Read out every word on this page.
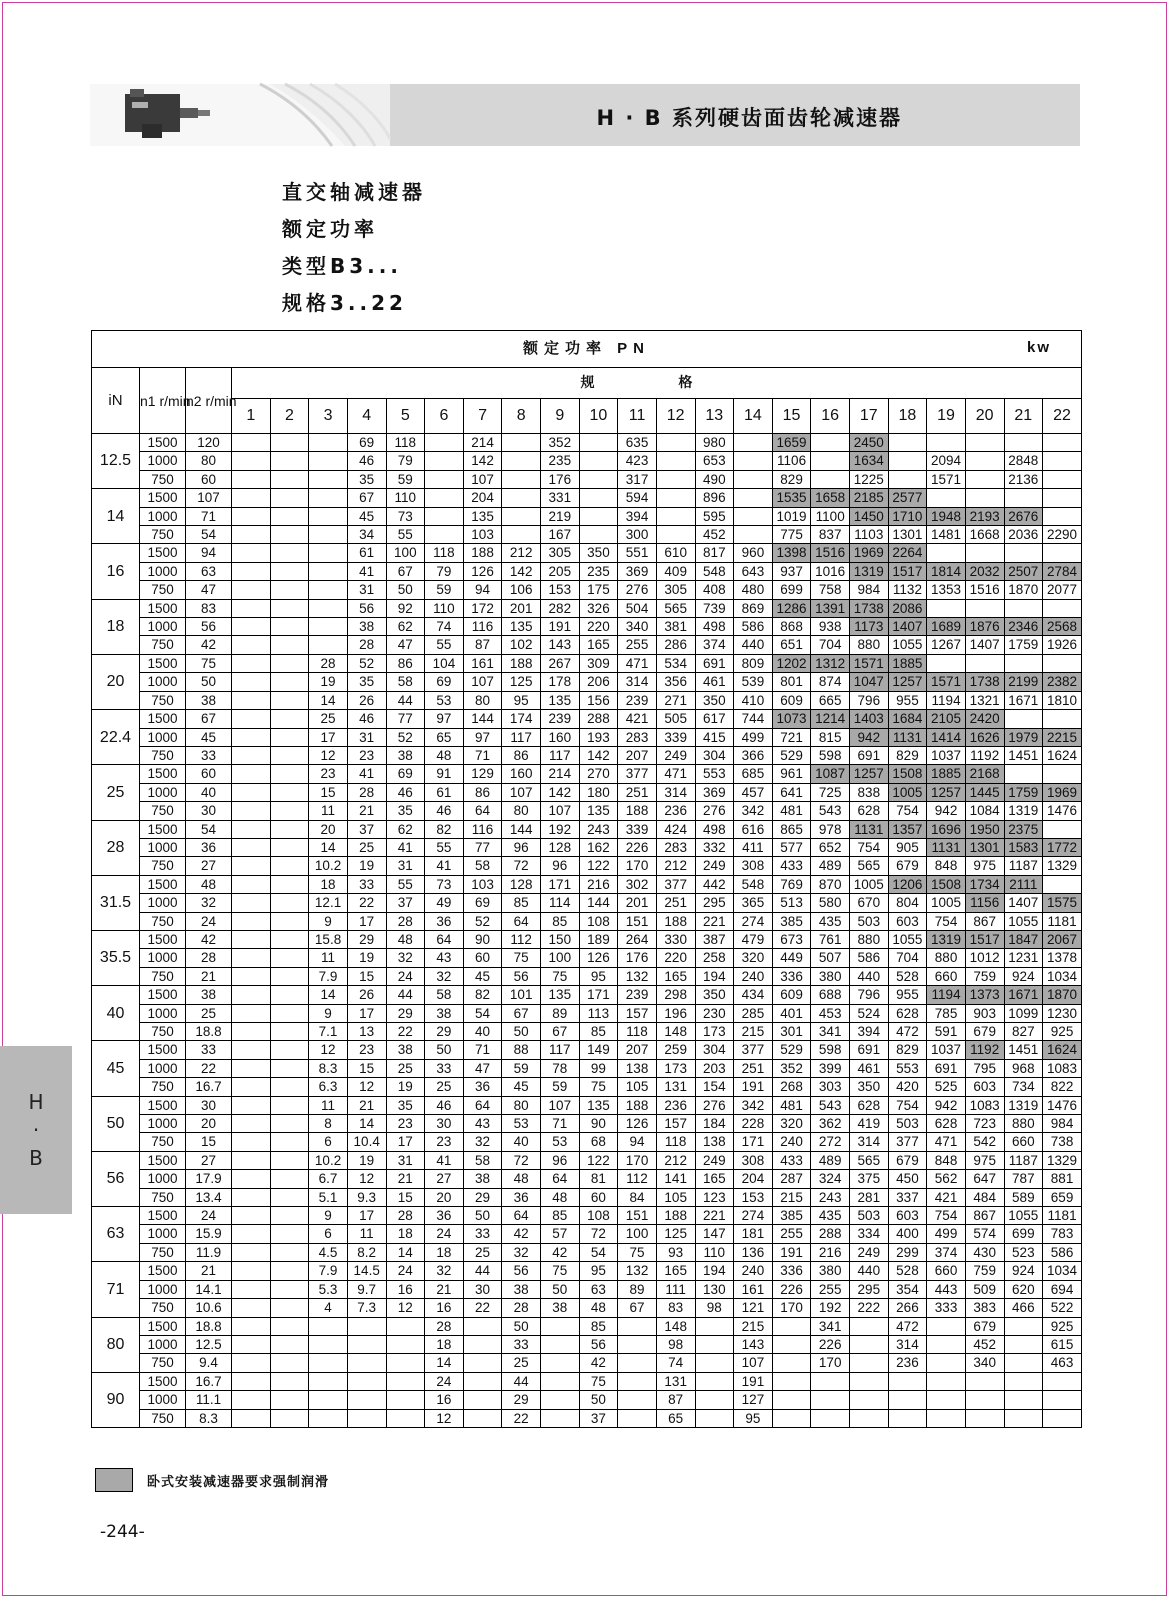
H · B 系列硬齿面齿轮减速器
直交轴减速器
额定功率
类型B3...
规格3..22
额定功率 PN kw																								

iN	n1 r/min	n2 r/min	规 格																					
			1	2	3	4	5	6	7	8	9	10	11	12	13	14	15	16	17	18	19	20	21	22
12.5	1500	120				69	118		214		352		635		980		1659		2450					
	1000	80				46	79		142		235		423		653		1106		1634		2094		2848	
	750	60				35	59		107		176		317		490		829		1225		1571		2136	
14	1500	107				67	110		204		331		594		896		1535	1658	2185	2577				
	1000	71				45	73		135		219		394		595		1019	1100	1450	1710	1948	2193	2676	
	750	54				34	55		103		167		300		452		775	837	1103	1301	1481	1668	2036	2290
16	1500	94				61	100	118	188	212	305	350	551	610	817	960	1398	1516	1969	2264				
	1000	63				41	67	79	126	142	205	235	369	409	548	643	937	1016	1319	1517	1814	2032	2507	2784
	750	47				31	50	59	94	106	153	175	276	305	408	480	699	758	984	1132	1353	1516	1870	2077
18	1500	83				56	92	110	172	201	282	326	504	565	739	869	1286	1391	1738	2086				
	1000	56				38	62	74	116	135	191	220	340	381	498	586	868	938	1173	1407	1689	1876	2346	2568
	750	42				28	47	55	87	102	143	165	255	286	374	440	651	704	880	1055	1267	1407	1759	1926
20	1500	75			28	52	86	104	161	188	267	309	471	534	691	809	1202	1312	1571	1885				
	1000	50			19	35	58	69	107	125	178	206	314	356	461	539	801	874	1047	1257	1571	1738	2199	2382
	750	38			14	26	44	53	80	95	135	156	239	271	350	410	609	665	796	955	1194	1321	1671	1810
22.4	1500	67			25	46	77	97	144	174	239	288	421	505	617	744	1073	1214	1403	1684	2105	2420		
	1000	45			17	31	52	65	97	117	160	193	283	339	415	499	721	815	942	1131	1414	1626	1979	2215
	750	33			12	23	38	48	71	86	117	142	207	249	304	366	529	598	691	829	1037	1192	1451	1624
25	1500	60			23	41	69	91	129	160	214	270	377	471	553	685	961	1087	1257	1508	1885	2168		
	1000	40			15	28	46	61	86	107	142	180	251	314	369	457	641	725	838	1005	1257	1445	1759	1969
	750	30			11	21	35	46	64	80	107	135	188	236	276	342	481	543	628	754	942	1084	1319	1476
28	1500	54			20	37	62	82	116	144	192	243	339	424	498	616	865	978	1131	1357	1696	1950	2375	
	1000	36			14	25	41	55	77	96	128	162	226	283	332	411	577	652	754	905	1131	1301	1583	1772
	750	27			10.2	19	31	41	58	72	96	122	170	212	249	308	433	489	565	679	848	975	1187	1329
31.5	1500	48			18	33	55	73	103	128	171	216	302	377	442	548	769	870	1005	1206	1508	1734	2111	
	1000	32			12.1	22	37	49	69	85	114	144	201	251	295	365	513	580	670	804	1005	1156	1407	1575
	750	24			9	17	28	36	52	64	85	108	151	188	221	274	385	435	503	603	754	867	1055	1181
35.5	1500	42			15.8	29	48	64	90	112	150	189	264	330	387	479	673	761	880	1055	1319	1517	1847	2067
	1000	28			11	19	32	43	60	75	100	126	176	220	258	320	449	507	586	704	880	1012	1231	1378
	750	21			7.9	15	24	32	45	56	75	95	132	165	194	240	336	380	440	528	660	759	924	1034
40	1500	38			14	26	44	58	82	101	135	171	239	298	350	434	609	688	796	955	1194	1373	1671	1870
	1000	25			9	17	29	38	54	67	89	113	157	196	230	285	401	453	524	628	785	903	1099	1230
	750	18.8			7.1	13	22	29	40	50	67	85	118	148	173	215	301	341	394	472	591	679	827	925
45	1500	33			12	23	38	50	71	88	117	149	207	259	304	377	529	598	691	829	1037	1192	1451	1624
	1000	22			8.3	15	25	33	47	59	78	99	138	173	203	251	352	399	461	553	691	795	968	1083
	750	16.7			6.3	12	19	25	36	45	59	75	105	131	154	191	268	303	350	420	525	603	734	822
50	1500	30			11	21	35	46	64	80	107	135	188	236	276	342	481	543	628	754	942	1083	1319	1476
	1000	20			8	14	23	30	43	53	71	90	126	157	184	228	320	362	419	503	628	723	880	984
	750	15			6	10.4	17	23	32	40	53	68	94	118	138	171	240	272	314	377	471	542	660	738
56	1500	27			10.2	19	31	41	58	72	96	122	170	212	249	308	433	489	565	679	848	975	1187	1329
	1000	17.9			6.7	12	21	27	38	48	64	81	112	141	165	204	287	324	375	450	562	647	787	881
	750	13.4			5.1	9.3	15	20	29	36	48	60	84	105	123	153	215	243	281	337	421	484	589	659
63	1500	24			9	17	28	36	50	64	85	108	151	188	221	274	385	435	503	603	754	867	1055	1181
	1000	15.9			6	11	18	24	33	42	57	72	100	125	147	181	255	288	334	400	499	574	699	783
	750	11.9			4.5	8.2	14	18	25	32	42	54	75	93	110	136	191	216	249	299	374	430	523	586
71	1500	21			7.9	14.5	24	32	44	56	75	95	132	165	194	240	336	380	440	528	660	759	924	1034
	1000	14.1			5.3	9.7	16	21	30	38	50	63	89	111	130	161	226	255	295	354	443	509	620	694
	750	10.6			4	7.3	12	16	22	28	38	48	67	83	98	121	170	192	222	266	333	383	466	522
80	1500	18.8						28		50		85		148		215		341		472		679		925
	1000	12.5						18		33		56		98		143		226		314		452		615
	750	9.4						14		25		42		74		107		170		236		340		463
90	1500	16.7						24		44		75		131		191								
	1000	11.1						16		29		50		87		127								
	750	8.3						12		22		37		65		95								
卧式安装减速器要求强制润滑
-244-
H
·
B
